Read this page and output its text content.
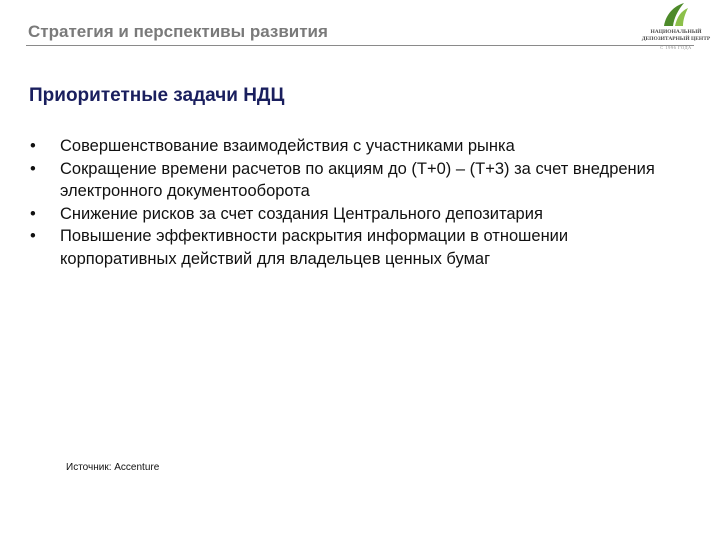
Стратегия и перспективы развития	НАЦИОНАЛЬНЫЙ
ДЕПОЗИТАРНЫЙ ЦЕНТР
С 1996 ГОДА
Приоритетные задачи НДЦ
•	Совершенствование взаимодействия с участниками рынка
•	Сокращение времени расчетов по акциям до (Т+0) – (Т+3) за счет внедрения электронного документооборота
•	Снижение рисков за счет создания Центрального депозитария
•	Повышение эффективности раскрытия информации в отношении корпоративных действий для владельцев ценных бумаг
Источник: Accenture
